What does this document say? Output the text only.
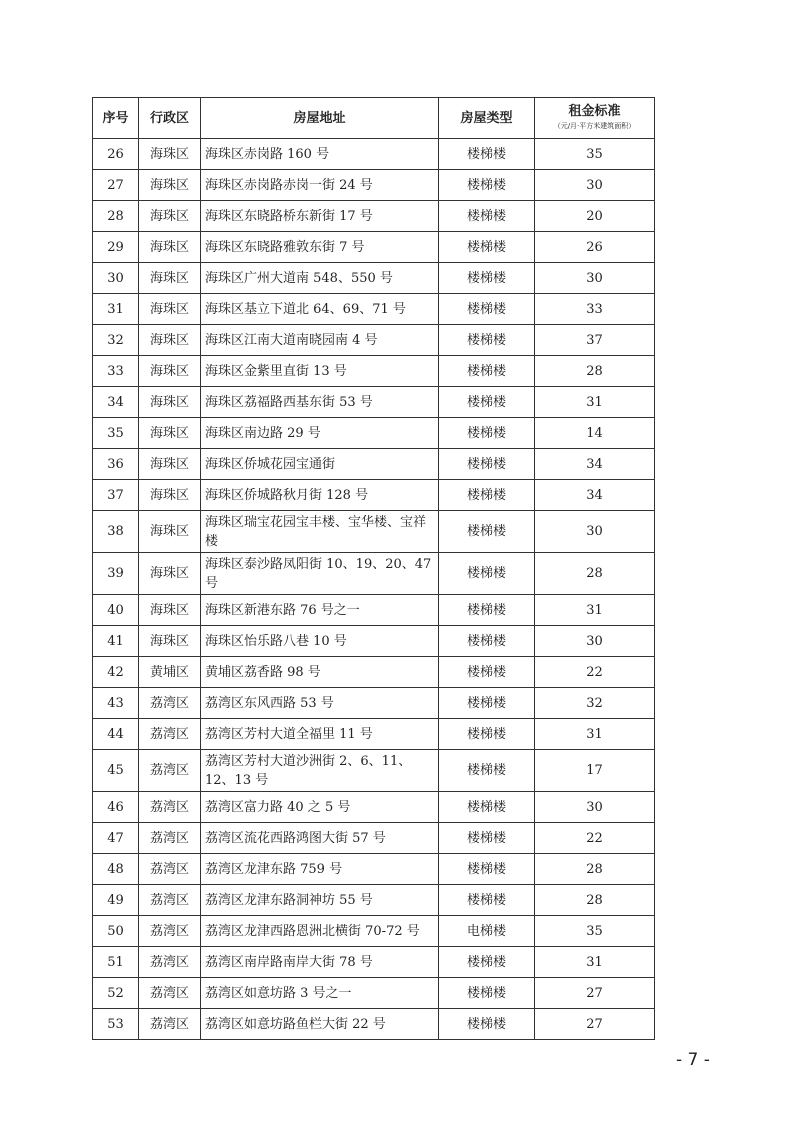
序号	行政区	房屋地址	房屋类型	租金标准
（元/月·平方米建筑面积）

26	海珠区	海珠区赤岗路 160 号	楼梯楼	35
27	海珠区	海珠区赤岗路赤岗一街 24 号	楼梯楼	30
28	海珠区	海珠区东晓路桥东新街 17 号	楼梯楼	20
29	海珠区	海珠区东晓路雅敦东街 7 号	楼梯楼	26
30	海珠区	海珠区广州大道南 548、550 号	楼梯楼	30
31	海珠区	海珠区基立下道北 64、69、71 号	楼梯楼	33
32	海珠区	海珠区江南大道南晓园南 4 号	楼梯楼	37
33	海珠区	海珠区金紫里直街 13 号	楼梯楼	28
34	海珠区	海珠区荔福路西基东街 53 号	楼梯楼	31
35	海珠区	海珠区南边路 29 号	楼梯楼	14
36	海珠区	海珠区侨城花园宝通街	楼梯楼	34
37	海珠区	海珠区侨城路秋月街 128 号	楼梯楼	34
38	海珠区	海珠区瑞宝花园宝丰楼、宝华楼、宝祥楼	楼梯楼	30
39	海珠区	海珠区泰沙路凤阳街 10、19、20、47 号	楼梯楼	28
40	海珠区	海珠区新港东路 76 号之一	楼梯楼	31
41	海珠区	海珠区怡乐路八巷 10 号	楼梯楼	30
42	黄埔区	黄埔区荔香路 98 号	楼梯楼	22
43	荔湾区	荔湾区东风西路 53 号	楼梯楼	32
44	荔湾区	荔湾区芳村大道全福里 11 号	楼梯楼	31
45	荔湾区	荔湾区芳村大道沙洲街 2、6、11、12、13 号	楼梯楼	17
46	荔湾区	荔湾区富力路 40 之 5 号	楼梯楼	30
47	荔湾区	荔湾区流花西路鸿图大街 57 号	楼梯楼	22
48	荔湾区	荔湾区龙津东路 759 号	楼梯楼	28
49	荔湾区	荔湾区龙津东路洞神坊 55 号	楼梯楼	28
50	荔湾区	荔湾区龙津西路恩洲北横街 70-72 号	电梯楼	35
51	荔湾区	荔湾区南岸路南岸大街 78 号	楼梯楼	31
52	荔湾区	荔湾区如意坊路 3 号之一	楼梯楼	27
53	荔湾区	荔湾区如意坊路鱼栏大街 22 号	楼梯楼	27
- 7 -
